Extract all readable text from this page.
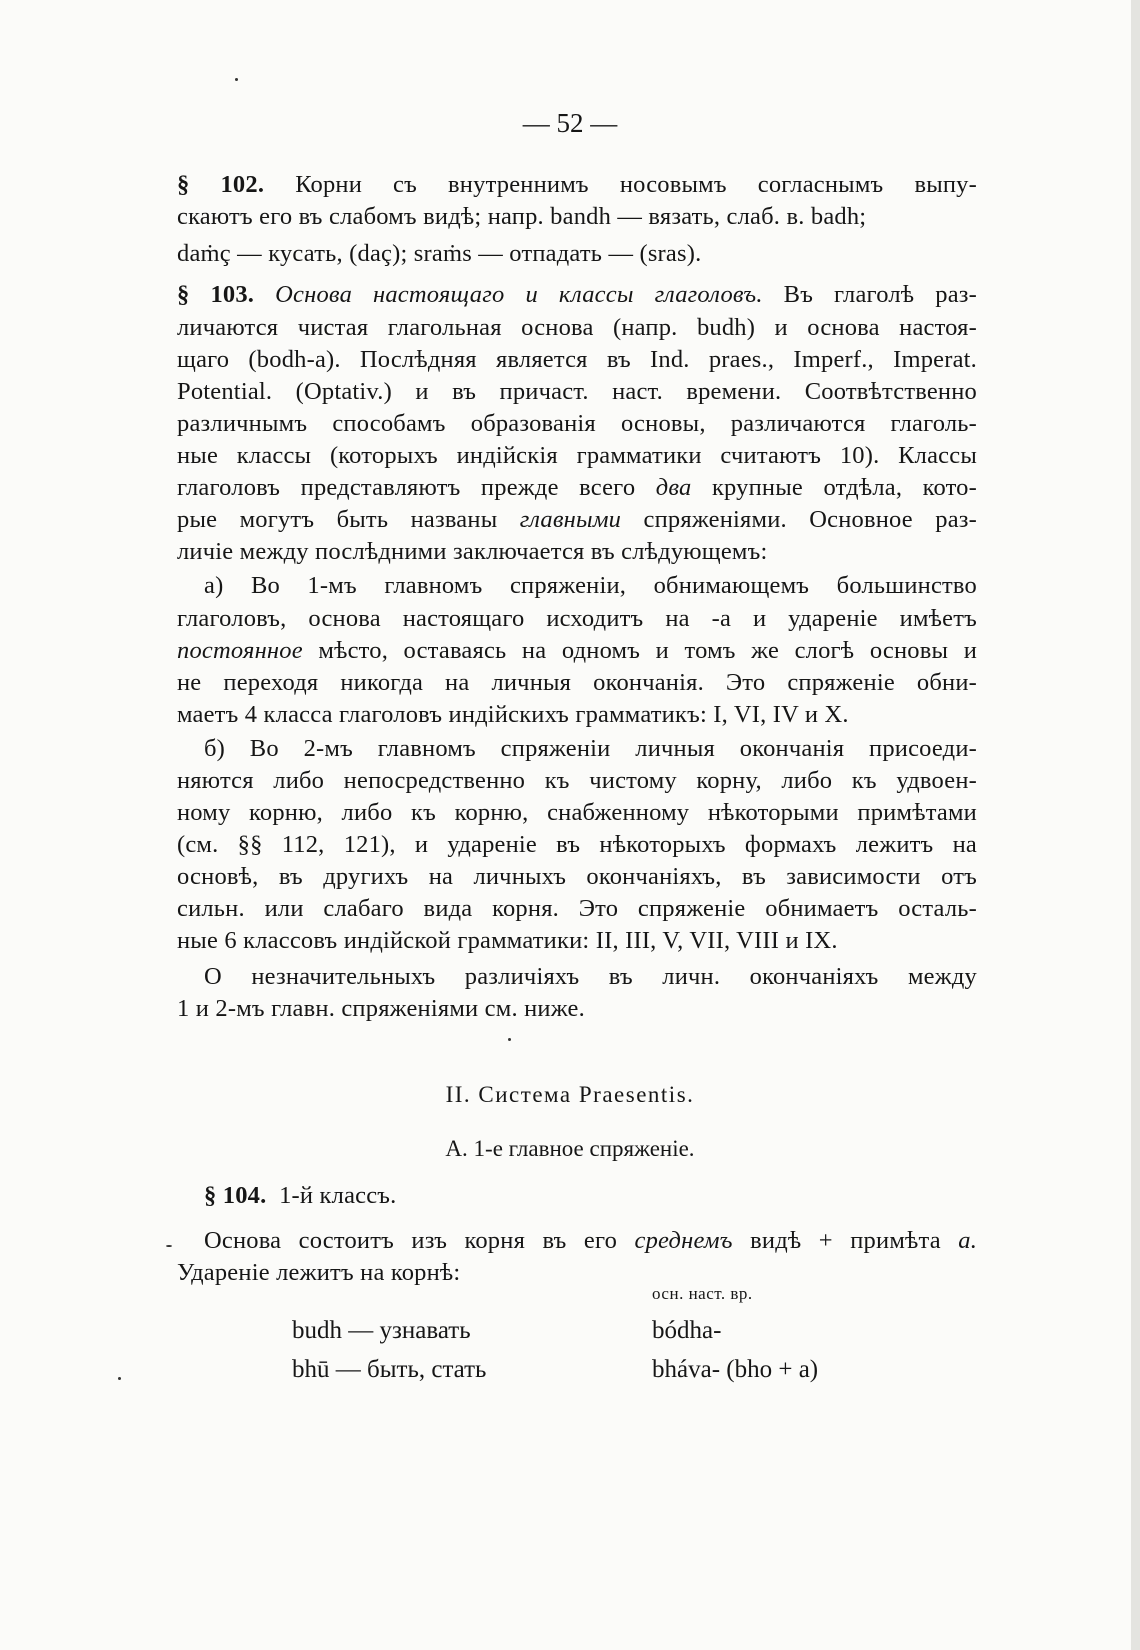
— 52 —
§ 102. Корни съ внутреннимъ носовымъ согласнымъ выпу-
скаютъ его въ слабомъ видѣ; напр. bandh — вязать, слаб. в. badh;
daṁç — кусать, (daç); sraṁs — отпадать — (sras).
§ 103. Основа настоящаго и классы глаголовъ. Въ глаголѣ раз-
личаются чистая глагольная основа (напр. budh) и основа настоя-
щаго (bodh-a). Послѣдняя является въ Ind. praes., Imperf., Imperat.
Potential. (Optativ.) и въ причаст. наст. времени. Соотвѣтственно
различнымъ способамъ образованія основы, различаются глаголь-
ные классы (которыхъ индійскія грамматики считаютъ 10). Классы
глаголовъ представляютъ прежде всего два крупные отдѣла, кото-
рые могутъ быть названы главными спряженіями. Основное раз-
личіе между послѣдними заключается въ слѣдующемъ:
а) Во 1-мъ главномъ спряженіи, обнимающемъ большинство
глаголовъ, основа настоящаго исходитъ на -а и удареніе имѣетъ
постоянное мѣсто, оставаясь на одномъ и томъ же слогѣ основы и
не переходя никогда на личныя окончанія. Это спряженіе обни-
маетъ 4 класса глаголовъ индійскихъ грамматикъ: I, VI, IV и X.
б) Во 2-мъ главномъ спряженіи личныя окончанія присоеди-
няются либо непосредственно къ чистому корну, либо къ удвоен-
ному корню, либо къ корню, снабженному нѣкоторыми примѣтами
(см. §§ 112, 121), и удареніе въ нѣкоторыхъ формахъ лежитъ на
основѣ, въ другихъ на личныхъ окончаніяхъ, въ зависимости отъ
сильн. или слабаго вида корня. Это спряженіе обнимаетъ осталь-
ные 6 классовъ индійской грамматики: II, III, V, VII, VIII и IX.
О незначительныхъ различіяхъ въ личн. окончаніяхъ между
1 и 2-мъ главн. спряженіями см. ниже.
II. Система Praesentis.
А. 1-е главное спряженіе.
§ 104. 1-й классъ.
Основа состоитъ изъ корня въ его среднемъ видѣ + примѣта а.
Удареніе лежитъ на корнѣ:
осн. наст. вр.
budh — узнавать	bódha-
bhū — быть, стать	bháva- (bho + a)
